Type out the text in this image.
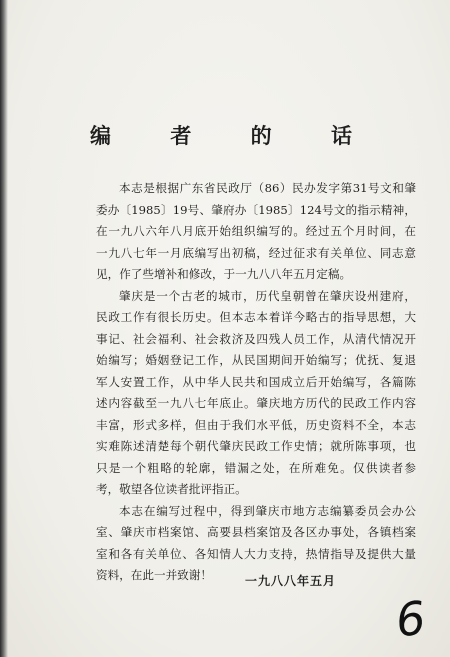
编 者 的 话
本志是根据广东省民政厅（86）民办发字第31号文和肇
委办〔1985〕19号、肇府办〔1985〕124号文的指示精神，
在一九八六年八月底开始组织编写的。经过五个月时间，在
一九八七年一月底编写出初稿，经过征求有关单位、同志意
见，作了些增补和修改，于一九八八年五月定稿。
肇庆是一个古老的城市，历代皇朝曾在肇庆设州建府，
民政工作有很长历史。但本志本着详今略古的指导思想，大
事记、社会福利、社会救济及四残人员工作，从清代情况开
始编写；婚姻登记工作，从民国期间开始编写；优抚、复退
军人安置工作，从中华人民共和国成立后开始编写，各篇陈
述内容截至一九八七年底止。肇庆地方历代的民政工作内容
丰富，形式多样，但由于我们水平低，历史资料不全，本志
实难陈述清楚每个朝代肇庆民政工作史情；就所陈事项，也
只是一个粗略的轮廓，错漏之处，在所难免。仅供读者参
考，敬望各位读者批评指正。
本志在编写过程中，得到肇庆市地方志编纂委员会办公
室、肇庆市档案馆、高要县档案馆及各区办事处，各镇档案
室和各有关单位、各知情人大力支持，热情指导及提供大量
资料，在此一并致谢！	一九八八年五月
6
